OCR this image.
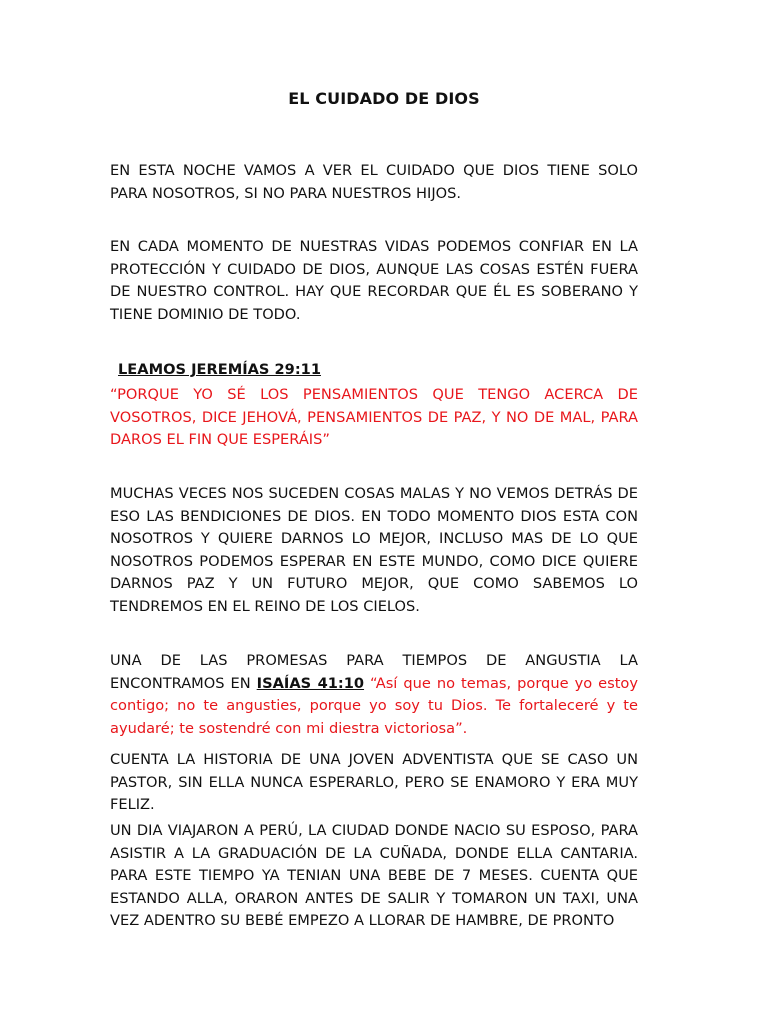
EL CUIDADO DE DIOS

EN ESTA NOCHE VAMOS A VER EL CUIDADO QUE DIOS TIENE SOLO PARA NOSOTROS, SI NO PARA NUESTROS HIJOS.

EN CADA MOMENTO DE NUESTRAS VIDAS PODEMOS CONFIAR EN LA PROTECCIÓN Y CUIDADO DE DIOS, AUNQUE LAS COSAS ESTÉN FUERA DE NUESTRO CONTROL. HAY QUE RECORDAR QUE ÉL ES SOBERANO Y TIENE DOMINIO DE TODO.

LEAMOS JEREMÍAS 29:11

“PORQUE YO SÉ LOS PENSAMIENTOS QUE TENGO ACERCA DE VOSOTROS, DICE JEHOVÁ, PENSAMIENTOS DE PAZ, Y NO DE MAL, PARA DAROS EL FIN QUE ESPERÁIS”

MUCHAS VECES NOS SUCEDEN COSAS MALAS Y NO VEMOS DETRÁS DE ESO LAS BENDICIONES DE DIOS. EN TODO MOMENTO DIOS ESTA CON NOSOTROS Y QUIERE DARNOS LO MEJOR, INCLUSO MAS DE LO QUE NOSOTROS PODEMOS ESPERAR EN ESTE MUNDO, COMO DICE QUIERE DARNOS PAZ Y UN FUTURO MEJOR, QUE COMO SABEMOS LO TENDREMOS EN EL REINO DE LOS CIELOS.

UNA DE LAS PROMESAS PARA TIEMPOS DE ANGUSTIA LA ENCONTRAMOS EN ISAÍAS 41:10 “Así que no temas, porque yo estoy contigo; no te angusties, porque yo soy tu Dios. Te fortaleceré y te ayudaré; te sostendré con mi diestra victoriosa”.

CUENTA LA HISTORIA DE UNA JOVEN ADVENTISTA QUE SE CASO UN PASTOR, SIN ELLA NUNCA ESPERARLO, PERO SE ENAMORO Y ERA MUY FELIZ.

UN DIA VIAJARON A PERÚ, LA CIUDAD DONDE NACIO SU ESPOSO, PARA ASISTIR A LA GRADUACIÓN DE LA CUÑADA, DONDE ELLA CANTARIA. PARA ESTE TIEMPO YA TENIAN UNA BEBE DE 7 MESES. CUENTA QUE ESTANDO ALLA, ORARON ANTES DE SALIR Y TOMARON UN TAXI, UNA VEZ ADENTRO SU BEBÉ EMPEZO A LLORAR DE HAMBRE, DE PRONTO
